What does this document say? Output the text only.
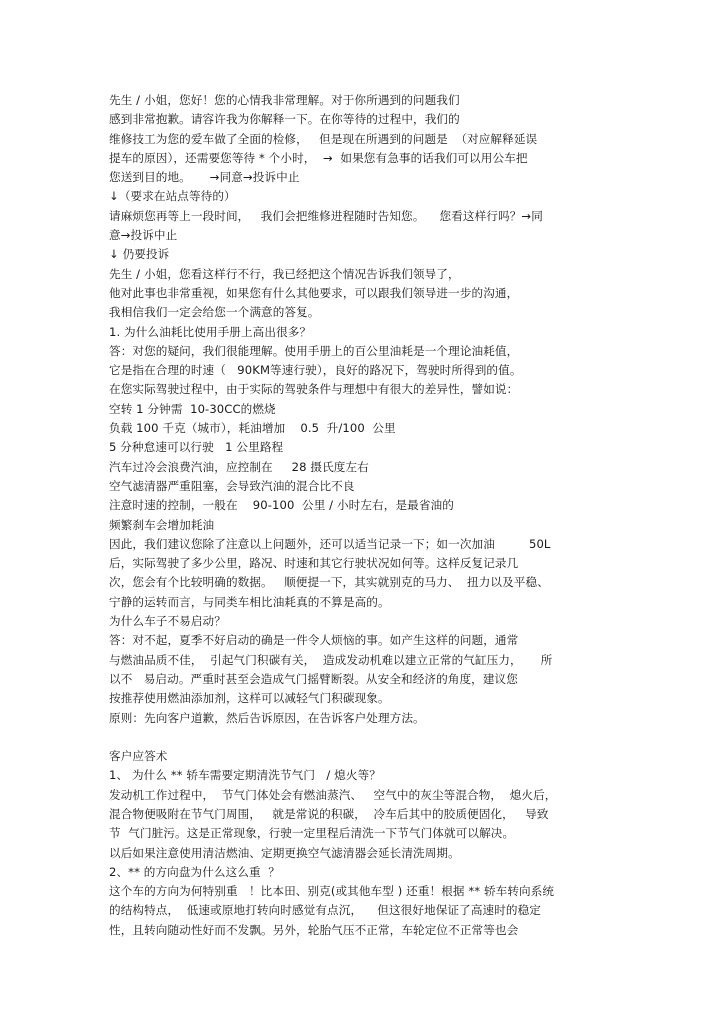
先生 / 小姐，您好！您的心情我非常理解。对于你所遇到的问题我们
感到非常抱歉。请容许我为你解释一下。在你等待的过程中，我们的
维修技工为您的爱车做了全面的检修，   但是现在所遇到的问题是  （对应解释延误
提车的原因），还需要您等待 * 个小时，  →  如果您有急事的话我们可以用公车把
您送到目的地。     →同意→投诉中止
↓（要求在站点等待的）
请麻烦您再等上一段时间，   我们会把维修进程随时告知您。    您看这样行吗？→同
意→投诉中止
↓ 仍要投诉
先生 / 小姐，您看这样行不行，我已经把这个情况告诉我们领导了，
他对此事也非常重视，如果您有什么其他要求，可以跟我们领导进一步的沟通，
我相信我们一定会给您一个满意的答复。
1. 为什么油耗比使用手册上高出很多？
答：对您的疑问，我们很能理解。使用手册上的百公里油耗是一个理论油耗值，
它是指在合理的时速（   90KM等速行驶），良好的路况下，驾驶时所得到的值。
在您实际驾驶过程中，由于实际的驾驶条件与理想中有很大的差异性，譬如说：
空转 1 分钟需  10-30CC的燃烧
负载 100 千克（城市），耗油增加    0.5  升/100  公里
5 分种怠速可以行驶   1 公里路程
汽车过冷会浪费汽油，应控制在     28 摄氏度左右
空气滤清器严重阻塞，会导致汽油的混合比不良
注意时速的控制，一般在    90-100  公里 / 小时左右，是最省油的
频繁刹车会增加耗油
因此，我们建议您除了注意以上问题外，还可以适当记录一下；如一次加油         50L
后，实际驾驶了多少公里，路况、时速和其它行驶状况如何等。这样反复记录几
次，您会有个比较明确的数据。   顺便提一下，其实就别克的马力、  扭力以及平稳、
宁静的运转而言，与同类车相比油耗真的不算是高的。
为什么车子不易启动？
答：对不起，夏季不好启动的确是一件令人烦恼的事。如产生这样的问题，通常
与燃油品质不佳，  引起气门积碳有关，  造成发动机难以建立正常的气缸压力，     所
以不   易启动。严重时甚至会造成气门摇臂断裂。从安全和经济的角度，建议您
按推荐使用燃油添加剂，这样可以减轻气门积碳现象。
原则：先向客户道歉，然后告诉原因，在告诉客户处理方法。
客户应答术
1、 为什么 ** 轿车需要定期清洗节气门   / 熄火等？
发动机工作过程中，  节气门体处会有燃油蒸汽、   空气中的灰尘等混合物，  熄火后，
混合物便吸附在节气门周围，   就是常说的积碳，  冷车后其中的胶质便固化，   导致
节  气门脏污。这是正常现象，行驶一定里程后清洗一下节气门体就可以解决。
以后如果注意使用清洁燃油、定期更换空气滤清器会延长清洗周期。
2、** 的方向盘为什么这么重  ？
这个车的方向为何特别重   ！比本田、别克(或其他车型 ) 还重！根据 ** 轿车转向系统
的结构特点，  低速或原地打转向时感觉有点沉，    但这很好地保证了高速时的稳定
性，且转向随动性好而不发飘。另外，轮胎气压不正常，车轮定位不正常等也会
